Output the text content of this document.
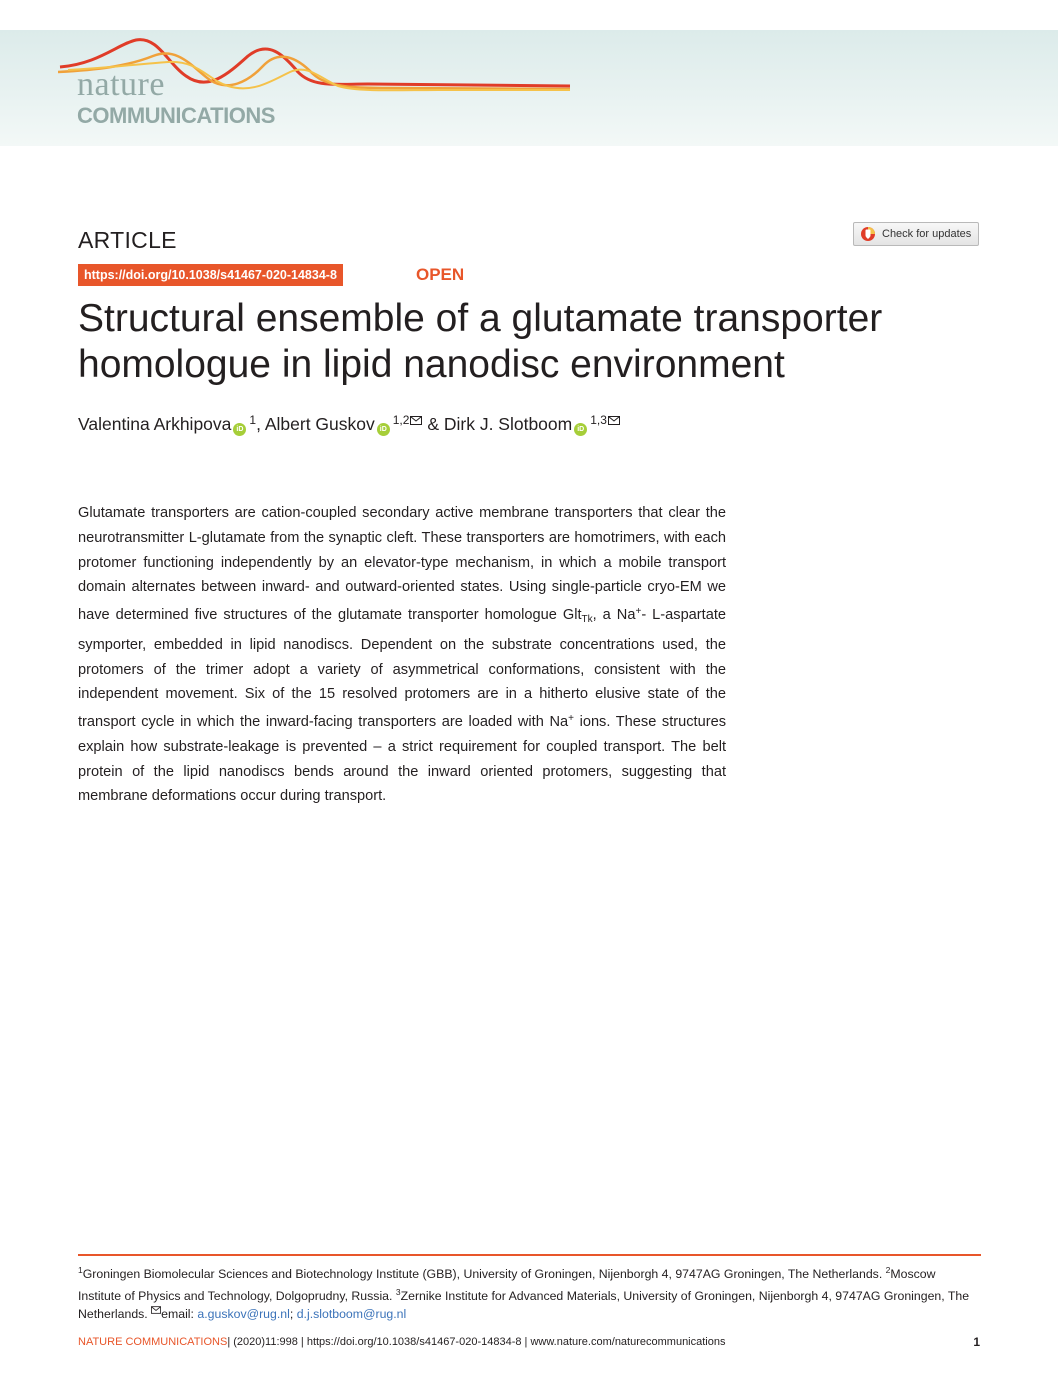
nature
COMMUNICATIONS
ARTICLE	Check for updates
https://doi.org/10.1038/s41467-020-14834-8	OPEN
Structural ensemble of a glutamate transporter
homologue in lipid nanodisc environment
Valentina Arkhipova $iD^1$, Albert Guskov iD$^{1,2}$ & Dirk J. Slotboom iD$^{1,3}$

Glutamate transporters are cation-coupled secondary active membrane transporters that clear the neurotransmitter L-glutamate from the synaptic cleft. These transporters are homotrimers, with each protomer functioning independently by an elevator-type mechanism, in which a mobile transport domain alternates between inward- and outward-oriented states. Using single-particle cryo-EM we have determined five structures of the glutamate transporter homologue Glt$_{Tk}$, a Na+- L-aspartate symporter, embedded in lipid nanodiscs. Dependent on the substrate concentrations used, the protomers of the trimer adopt a variety of asymmetrical conformations, consistent with the independent movement. Six of the 15 resolved protomers are in a hitherto elusive state of the transport cycle in which the inward-facing transporters are loaded with Na+ ions. These structures explain how substrate-leakage is prevented – a strict requirement for coupled transport. The belt protein of the lipid nanodiscs bends around the inward oriented protomers, suggesting that membrane deformations occur during transport.

$^1$Groningen Biomolecular Sciences and Biotechnology Institute (GBB), University of Groningen, Nijenborgh 4, 9747AG Groningen, The Netherlands. $^2$Moscow Institute of Physics and Technology, Dolgoprudny, Russia. $^3$Zernike Institute for Advanced Materials, University of Groningen, Nijenborgh 4, 9747AG Groningen, The Netherlands. email: a.guskov@rug.nl; d.j.slotboom@rug.nl
NATURE COMMUNICATIONS| (2020)11:998 | https://doi.org/10.1038/s41467-020-14834-8 | www.nature.com/naturecommunications	1
